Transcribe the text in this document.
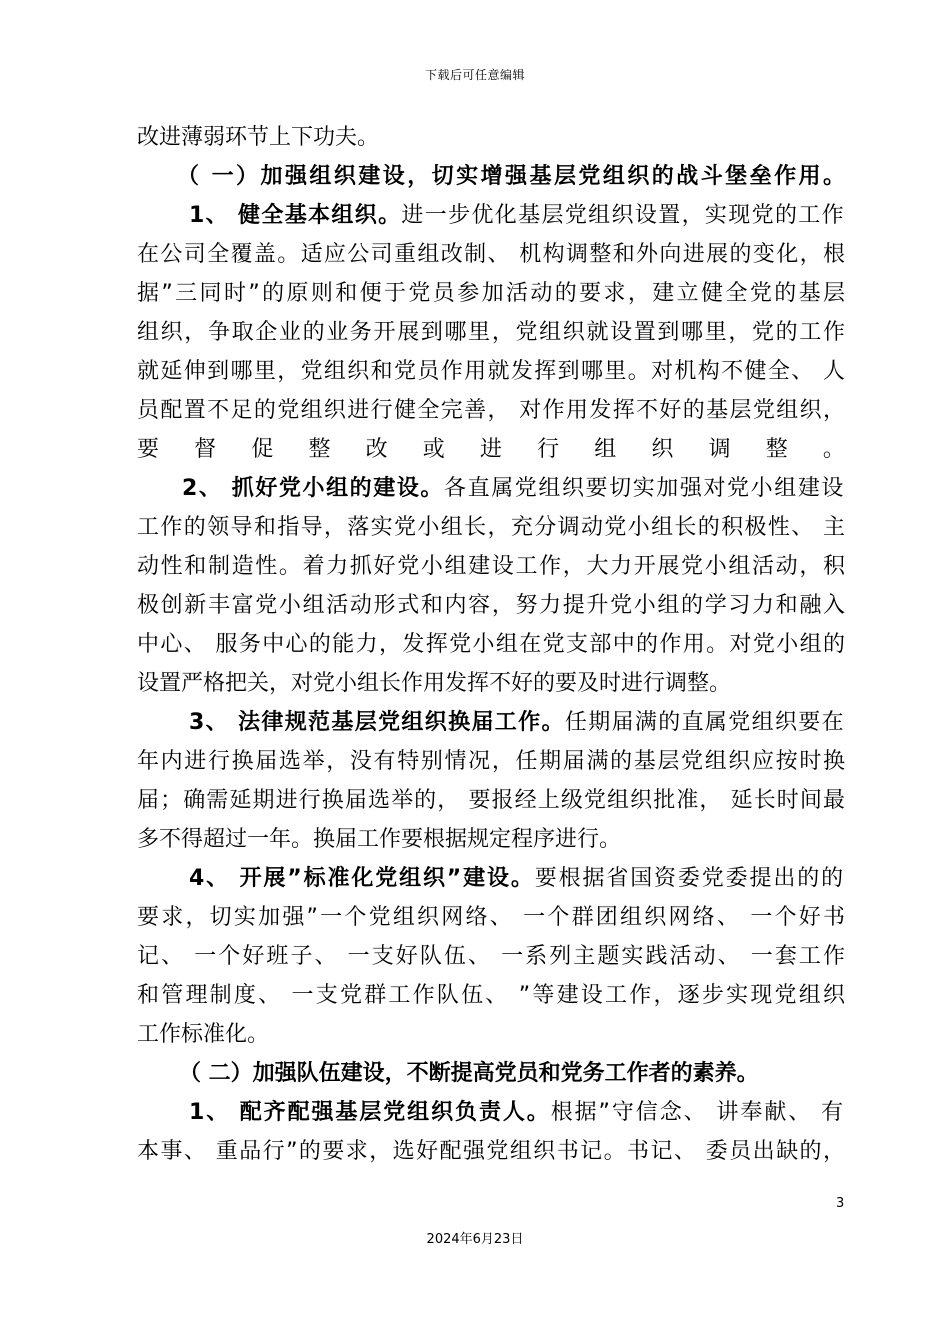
下载后可任意编辑
改进薄弱环节上下功夫。
（ 一）加强组织建设，切实增强基层党组织的战斗堡垒作用。
1、 健全基本组织。进一步优化基层党组织设置，实现党的工作
在公司全覆盖。适应公司重组改制、 机构调整和外向进展的变化，根
据”三同时”的原则和便于党员参加活动的要求，建立健全党的基层
组织，争取企业的业务开展到哪里，党组织就设置到哪里，党的工作
就延伸到哪里，党组织和党员作用就发挥到哪里。对机构不健全、 人
员配置不足的党组织进行健全完善， 对作用发挥不好的基层党组织，
要 督 促 整 改 或 进 行 组 织 调 整 。
2、 抓好党小组的建设。各直属党组织要切实加强对党小组建设
工作的领导和指导，落实党小组长，充分调动党小组长的积极性、 主
动性和制造性。着力抓好党小组建设工作，大力开展党小组活动，积
极创新丰富党小组活动形式和内容，努力提升党小组的学习力和融入
中心、 服务中心的能力，发挥党小组在党支部中的作用。对党小组的
设置严格把关，对党小组长作用发挥不好的要及时进行调整。
3、 法律规范基层党组织换届工作。任期届满的直属党组织要在
年内进行换届选举，没有特别情况，任期届满的基层党组织应按时换
届；确需延期进行换届选举的， 要报经上级党组织批准， 延长时间最
多不得超过一年。换届工作要根据规定程序进行。
4、 开展”标准化党组织”建设。要根据省国资委党委提出的的
要求，切实加强”一个党组织网络、 一个群团组织网络、 一个好书
记、 一个好班子、 一支好队伍、 一系列主题实践活动、 一套工作
和管理制度、 一支党群工作队伍、 ”等建设工作，逐步实现党组织
工作标准化。
（ 二）加强队伍建设，不断提高党员和党务工作者的素养。
1、 配齐配强基层党组织负责人。根据”守信念、 讲奉献、 有
本事、 重品行”的要求，选好配强党组织书记。书记、 委员出缺的，
3
2024年6月23日
